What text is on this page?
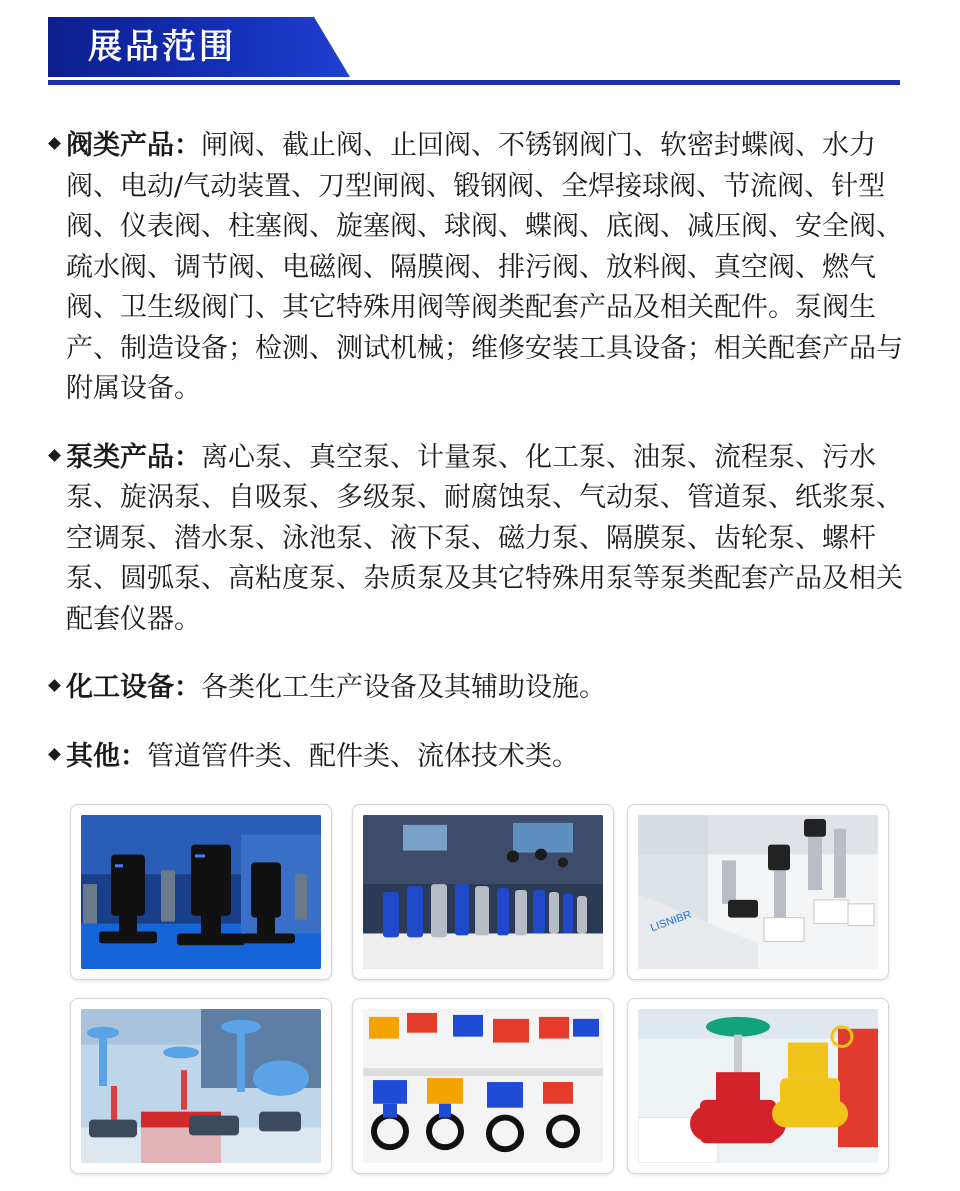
展品范围
阀类产品：闸阀、截止阀、止回阀、不锈钢阀门、软密封蝶阀、水力阀、电动/气动装置、刀型闸阀、锻钢阀、全焊接球阀、节流阀、针型阀、仪表阀、柱塞阀、旋塞阀、球阀、蝶阀、底阀、减压阀、安全阀、疏水阀、调节阀、电磁阀、隔膜阀、排污阀、放料阀、真空阀、燃气阀、卫生级阀门、其它特殊用阀等阀类配套产品及相关配件。泵阀生产、制造设备；检测、测试机械；维修安装工具设备；相关配套产品与附属设备。
泵类产品：离心泵、真空泵、计量泵、化工泵、油泵、流程泵、污水泵、旋涡泵、自吸泵、多级泵、耐腐蚀泵、气动泵、管道泵、纸浆泵、空调泵、潜水泵、泳池泵、液下泵、磁力泵、隔膜泵、齿轮泵、螺杆泵、圆弧泵、高粘度泵、杂质泵及其它特殊用泵等泵类配套产品及相关配套仪器。
化工设备：各类化工生产设备及其辅助设施。
其他：管道管件类、配件类、流体技术类。
LISNIBR
